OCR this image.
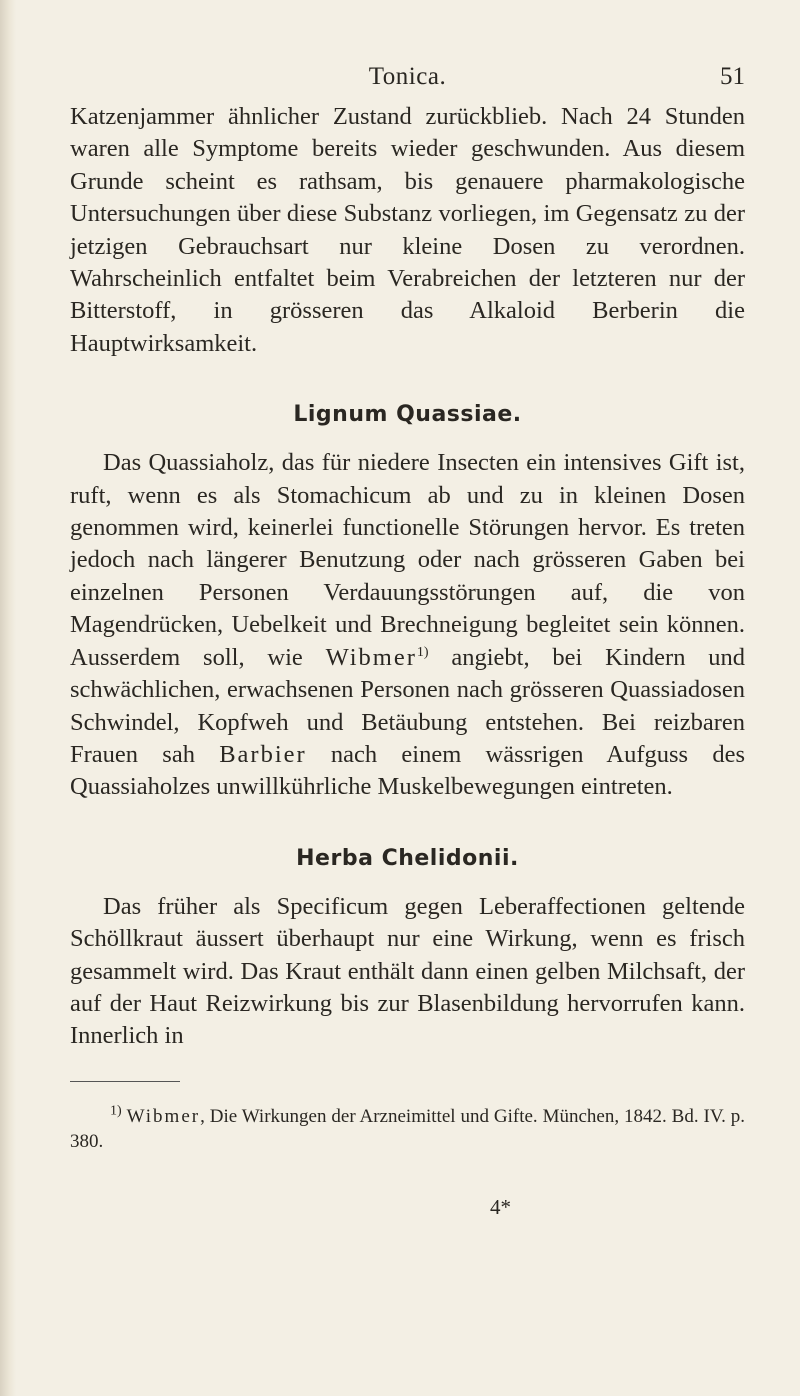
Tonica.	51

Katzenjammer ähnlicher Zustand zurückblieb. Nach 24 Stunden waren alle Symptome bereits wieder geschwunden. Aus diesem Grunde scheint es rathsam, bis genauere pharmakologische Untersuchungen über diese Substanz vorliegen, im Gegensatz zu der jetzigen Gebrauchsart nur kleine Dosen zu verordnen. Wahrscheinlich entfaltet beim Verabreichen der letzteren nur der Bitterstoff, in grösseren das Alkaloid Berberin die Hauptwirksamkeit.

Lignum Quassiae.

Das Quassiaholz, das für niedere Insecten ein intensives Gift ist, ruft, wenn es als Stomachicum ab und zu in kleinen Dosen genommen wird, keinerlei functionelle Störungen hervor. Es treten jedoch nach längerer Benutzung oder nach grösseren Gaben bei einzelnen Personen Verdauungsstörungen auf, die von Magendrücken, Uebelkeit und Brechneigung begleitet sein können. Ausserdem soll, wie Wibmer$^{1)}$ angiebt, bei Kindern und schwächlichen, erwachsenen Personen nach grösseren Quassiadosen Schwindel, Kopfweh und Betäubung entstehen. Bei reizbaren Frauen sah Barbier nach einem wässrigen Aufguss des Quassiaholzes unwillkührliche Muskelbewegungen eintreten.

Herba Chelidonii.

Das früher als Specificum gegen Leberaffectionen geltende Schöllkraut äussert überhaupt nur eine Wirkung, wenn es frisch gesammelt wird. Das Kraut enthält dann einen gelben Milchsaft, der auf der Haut Reizwirkung bis zur Blasenbildung hervorrufen kann. Innerlich in

$^{1)}$ Wibmer, Die Wirkungen der Arzneimittel und Gifte. München, 1842. Bd. IV. p. 380.

4*
